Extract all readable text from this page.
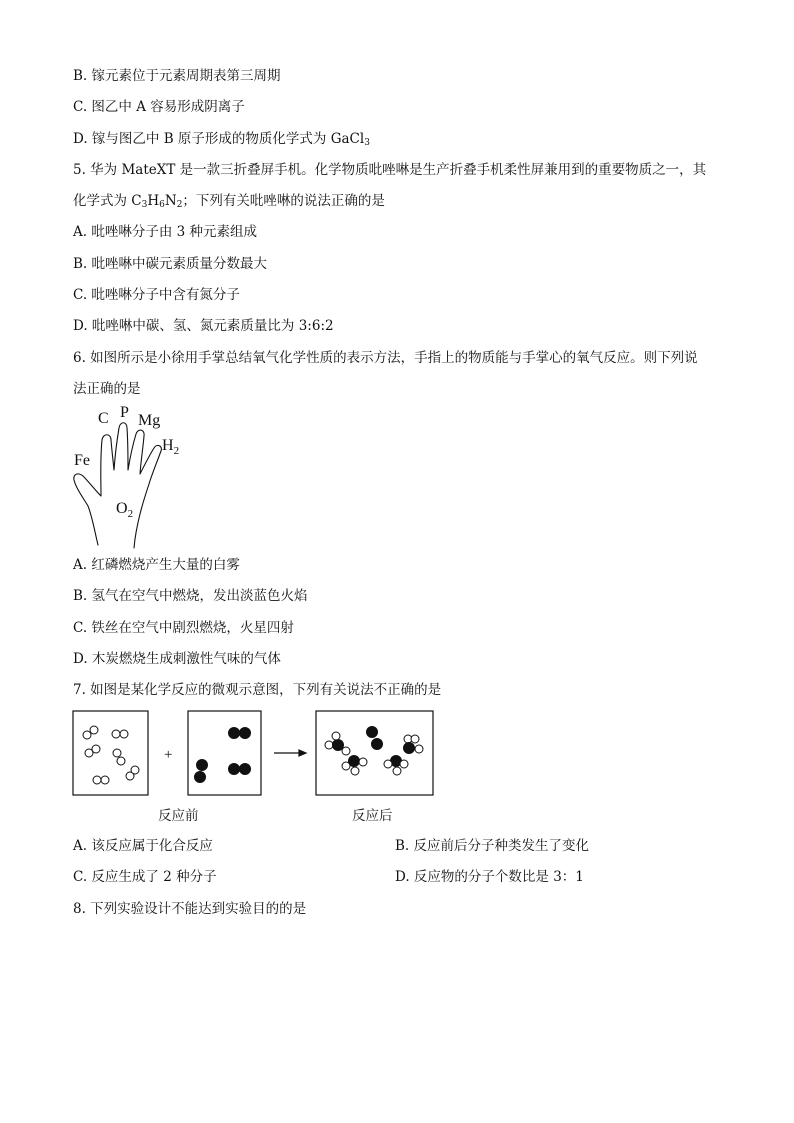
B. 镓元素位于元素周期表第三周期
C. 图乙中 A 容易形成阴离子
D. 镓与图乙中 B 原子形成的物质化学式为 GaCl$_3$
5. 华为 MateXT 是一款三折叠屏手机。化学物质吡唑啉是生产折叠手机柔性屏兼用到的重要物质之一，其
化学式为 $C_3H_6N_2$；下列有关吡唑啉的说法正确的是
A. 吡唑啉分子由 3 种元素组成
B. 吡唑啉中碳元素质量分数最大
C. 吡唑啉分子中含有氮分子
D. 吡唑啉中碳、氢、氮元素质量比为 3:6:2
6. 如图所示是小徐用手掌总结氧气化学性质的表示方法，手指上的物质能与手掌心的氧气反应。则下列说
法正确的是
C P Mg
$H_2$
Fe
$O_2$
A. 红磷燃烧产生大量的白雾
B. 氢气在空气中燃烧，发出淡蓝色火焰
C. 铁丝在空气中剧烈燃烧，火星四射
D. 木炭燃烧生成刺激性气味的气体
7. 如图是某化学反应的微观示意图，下列有关说法不正确的是
+
反应前	反应后
A. 该反应属于化合反应	B. 反应前后分子种类发生了变化
C. 反应生成了 2 种分子	D. 反应物的分子个数比是 3：1
8. 下列实验设计不能达到实验目的的是
